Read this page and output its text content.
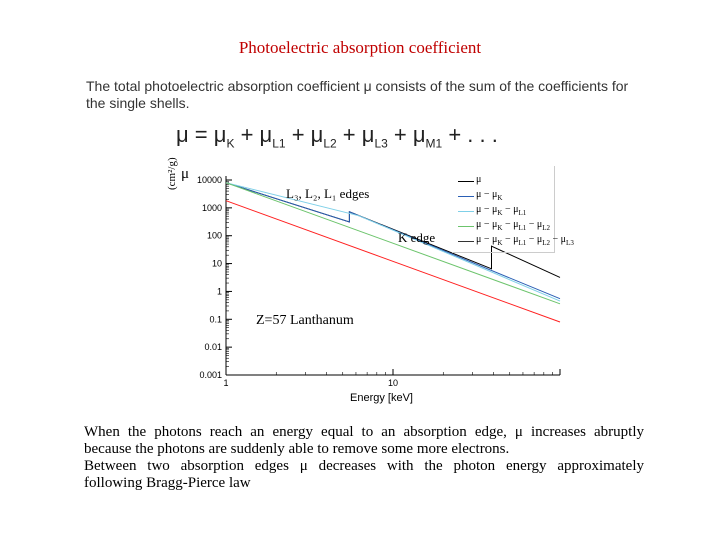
Photoelectric absorption coefficient

The total photoelectric absorption coefficient μ consists of the sum of the coefficients for the single shells.

$\mu = \mu_K + \mu_{L1} + \mu_{L2} + \mu_{L3} + \mu_{M1}$ + . . .
0.001
0.01
0.1
1
10
100
1000
10000
1	10
μ
(cm²/g)
L₃, L₂, L₁ edges
K edge
Z=57 Lanthanum
Energy [keV]
μ
$\mu - \mu_K$
$\mu - \mu_K - \mu_{L1}$
$\mu - \mu_K - \mu_{L1} - \mu_{L2}$
$\mu - \mu_K - \mu_{L1} - \mu_{L2} - \mu_{L3}$

When the photons reach an energy equal to an absorption edge, μ increases abruptly
because the photons are suddenly able to remove some more electrons.

Between two absorption edges μ decreases with the photon energy approximately
following Bragg-Pierce law
